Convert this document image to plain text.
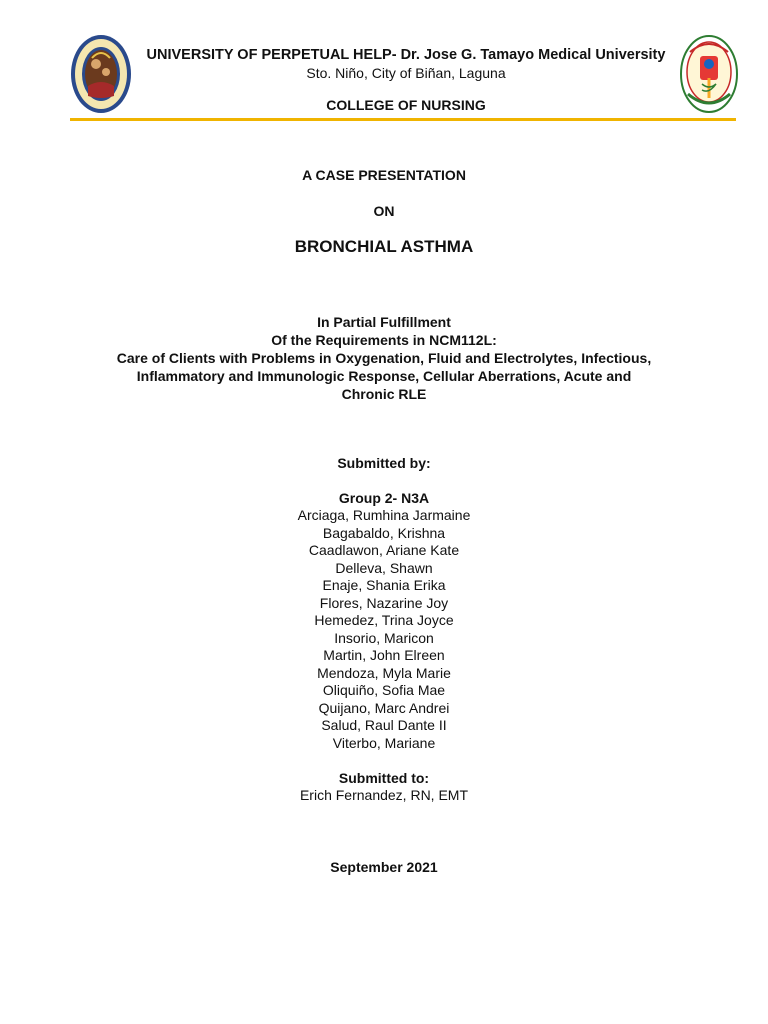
UNIVERSITY OF PERPETUAL HELP- Dr. Jose G. Tamayo Medical University
Sto. Niño, City of Biñan, Laguna
COLLEGE OF NURSING
A CASE PRESENTATION
ON
BRONCHIAL ASTHMA
In Partial Fulfillment
Of the Requirements in NCM112L:
Care of Clients with Problems in Oxygenation, Fluid and Electrolytes, Infectious,
Inflammatory and Immunologic Response, Cellular Aberrations, Acute and
Chronic RLE
Submitted by:
Group 2- N3A
Arciaga, Rumhina Jarmaine
Bagabaldo, Krishna
Caadlawon, Ariane Kate
Delleva, Shawn
Enaje, Shania Erika
Flores, Nazarine Joy
Hemedez, Trina Joyce
Insorio, Maricon
Martin, John Elreen
Mendoza, Myla Marie
Oliquiño, Sofia Mae
Quijano, Marc Andrei
Salud, Raul Dante II
Viterbo, Mariane
Submitted to:
Erich Fernandez, RN, EMT
September 2021
